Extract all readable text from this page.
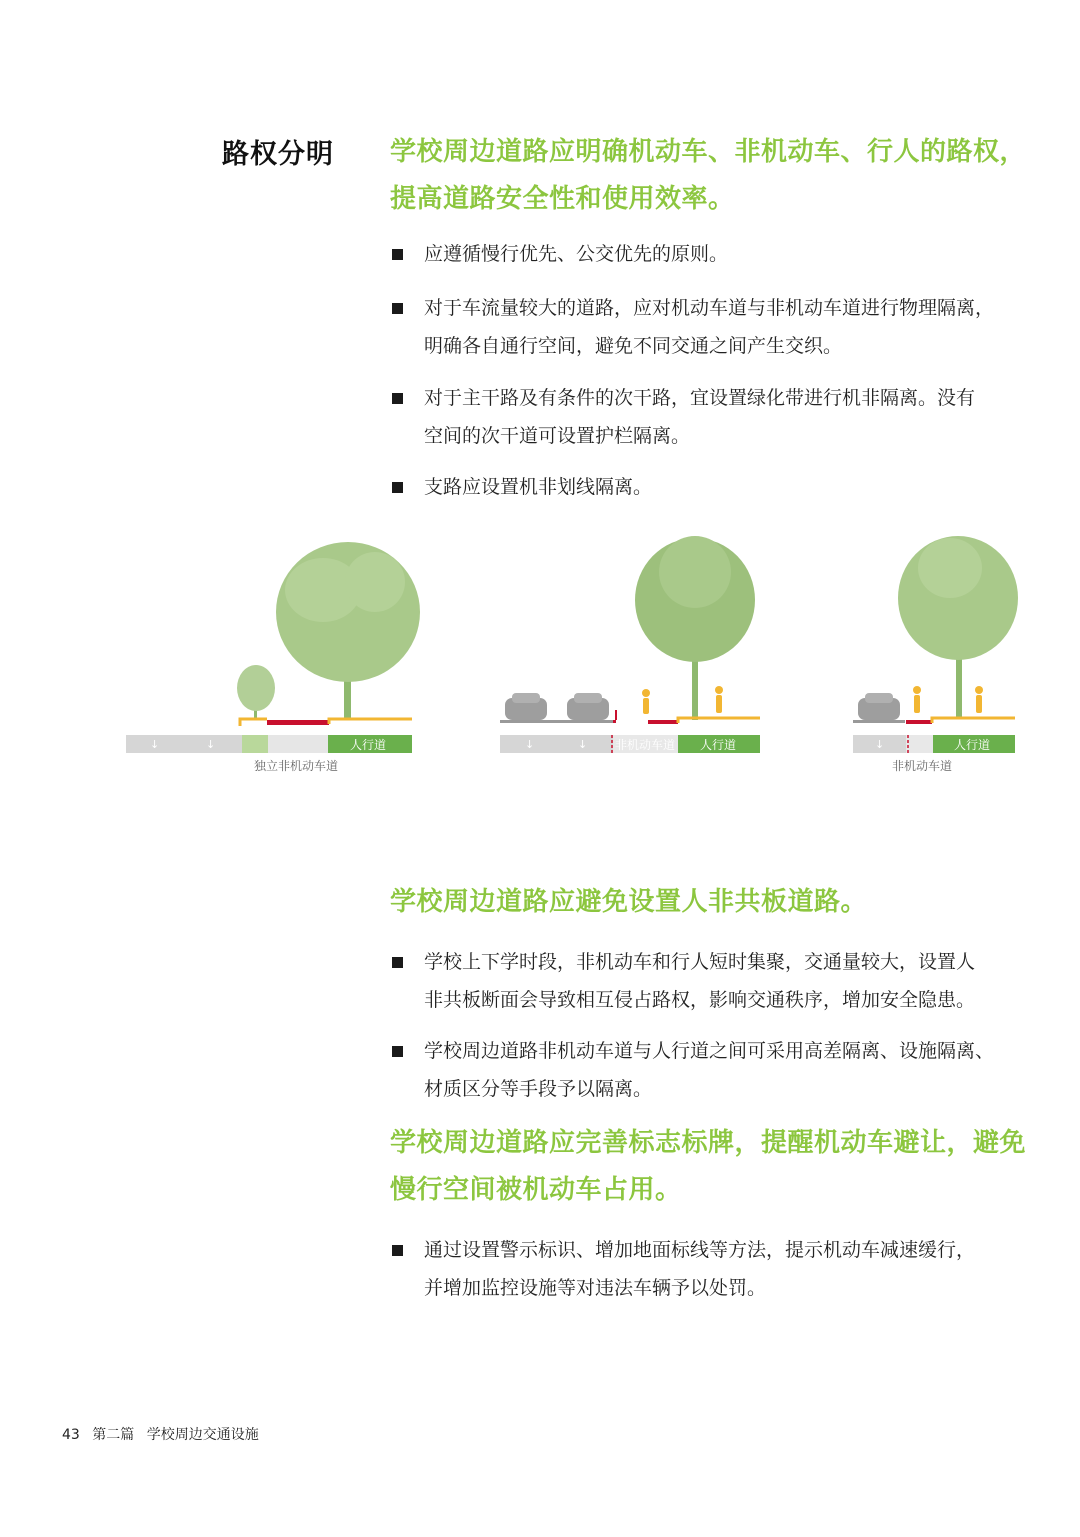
路权分明 学校周边道路应明确机动车、非机动车、行人的路权，
提高道路安全性和使用效率。
应遵循慢行优先、公交优先的原则。
对于车流量较大的道路，应对机动车道与非机动车道进行物理隔离，
明确各自通行空间，避免不同交通之间产生交织。
对于主干路及有条件的次干路，宜设置绿化带进行机非隔离。没有
空间的次干道可设置护栏隔离。
支路应设置机非划线隔离。
↓	↓	人行道
独立非机动车道
↓	↓ 非机动车道 人行道	↓	人行道
非机动车道
学校周边道路应避免设置人非共板道路。
学校上下学时段，非机动车和行人短时集聚，交通量较大，设置人
非共板断面会导致相互侵占路权，影响交通秩序，增加安全隐患。
学校周边道路非机动车道与人行道之间可采用高差隔离、设施隔离、
材质区分等手段予以隔离。
学校周边道路应完善标志标牌，提醒机动车避让，避免
慢行空间被机动车占用。
通过设置警示标识、增加地面标线等方法，提示机动车减速缓行，
并增加监控设施等对违法车辆予以处罚。
43 第二篇 学校周边交通设施
